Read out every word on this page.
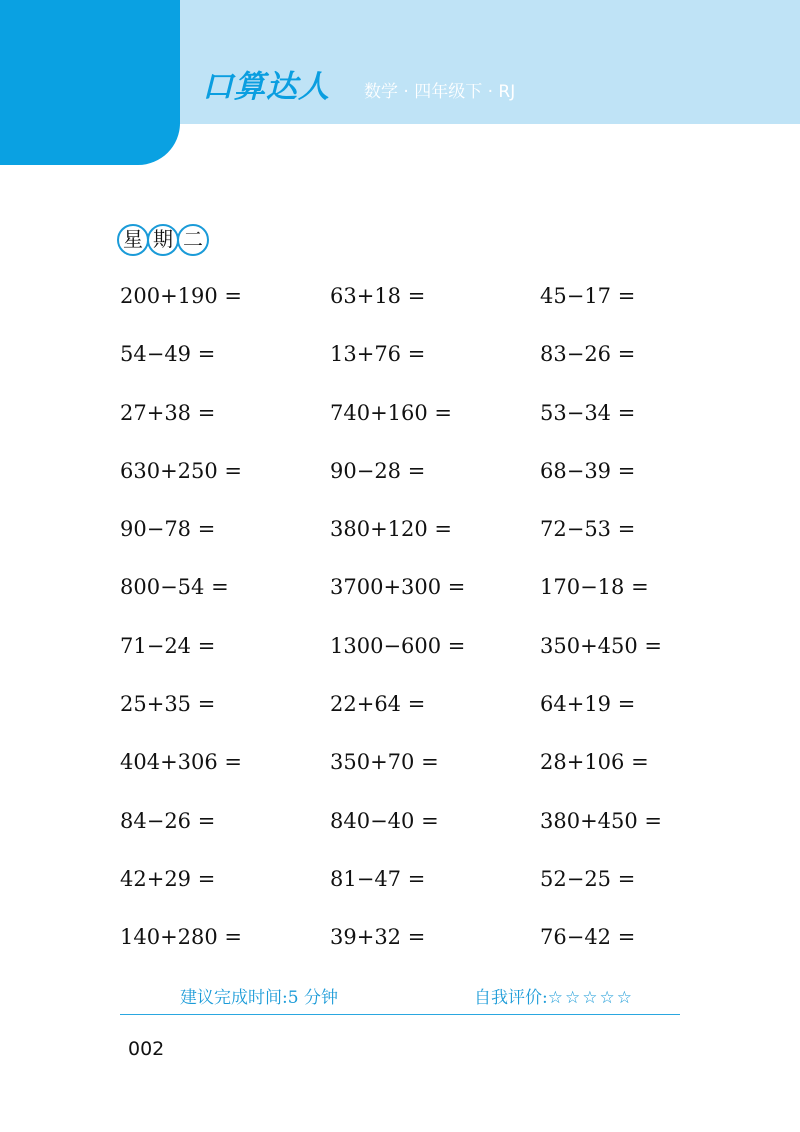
口算达人 数学 · 四年级下 · RJ
星 期 二
200+190 =	63+18 =	45−17 =
54−49 =	13+76 =	83−26 =
27+38 =	740+160 =	53−34 =
630+250 =	90−28 =	68−39 =
90−78 =	380+120 =	72−53 =
800−54 =	3700+300 =	170−18 =
71−24 =	1300−600 =	350+450 =
25+35 =	22+64 =	64+19 =
404+306 =	350+70 =	28+106 =
84−26 =	840−40 =	380+450 =
42+29 =	81−47 =	52−25 =
140+280 =	39+32 =	76−42 =
建议完成时间:5 分钟	自我评价:☆☆☆☆☆
002
